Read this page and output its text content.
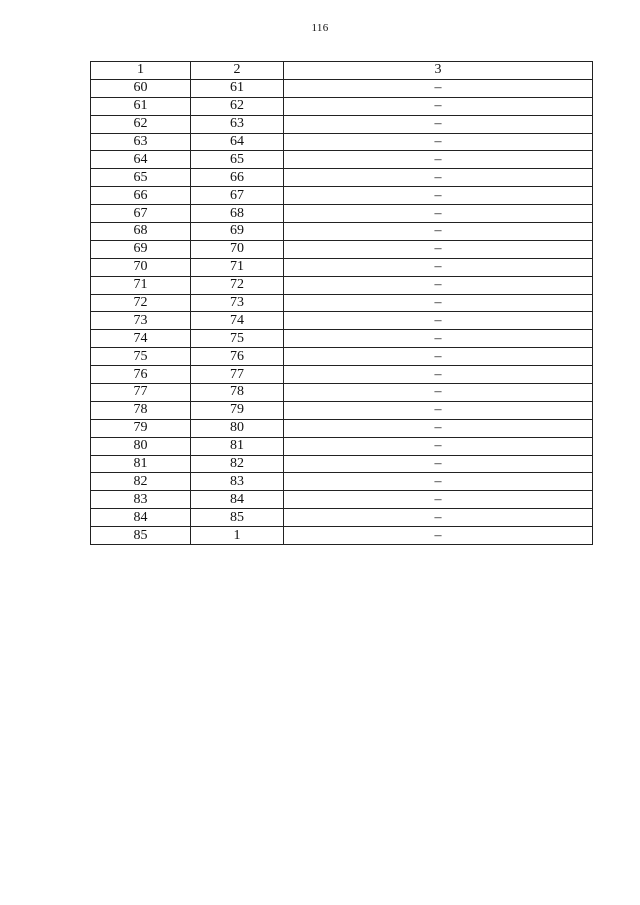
116
1	2	3
60	61	–
61	62	–
62	63	–
63	64	–
64	65	–
65	66	–
66	67	–
67	68	–
68	69	–
69	70	–
70	71	–
71	72	–
72	73	–
73	74	–
74	75	–
75	76	–
76	77	–
77	78	–
78	79	–
79	80	–
80	81	–
81	82	–
82	83	–
83	84	–
84	85	–
85	1	–
